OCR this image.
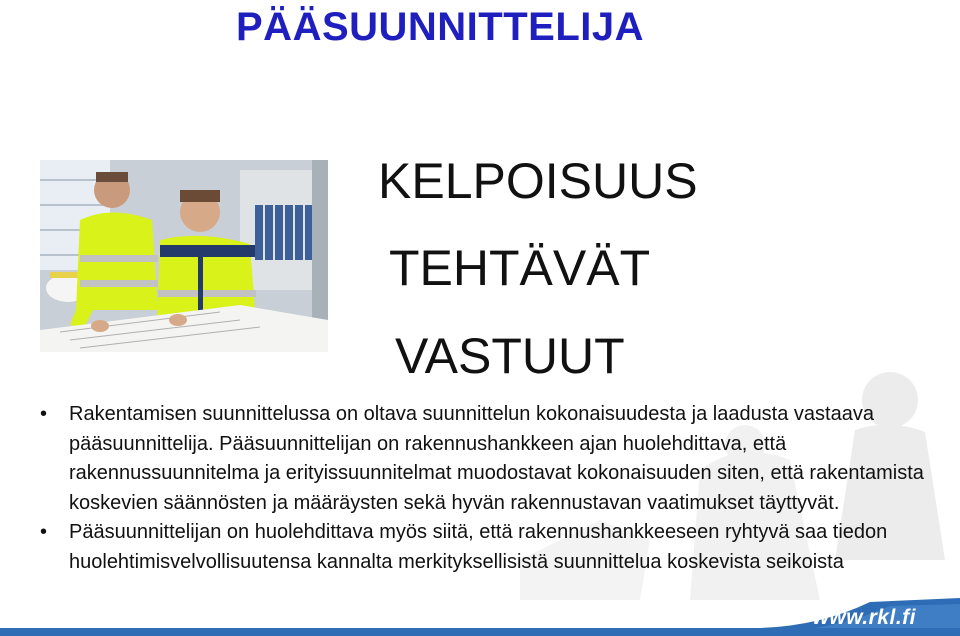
PÄÄSUUNNITTELIJA

KELPOISUUS

TEHTÄVÄT

VASTUUT

• Rakentamisen suunnittelussa on oltava suunnittelun kokonaisuudesta ja laadusta vastaava pääsuunnittelija. Pääsuunnittelijan on rakennushankkeen ajan huolehdittava, että rakennussuunnitelma ja erityissuunnitelmat muodostavat kokonaisuuden siten, että rakentamista koskevien säännösten ja määräysten sekä hyvän rakennustavan vaatimukset täyttyvät.
• Pääsuunnittelijan on huolehdittava myös siitä, että rakennushankkeeseen ryhtyvä saa tiedon huolehtimisvelvollisuutensa kannalta merkityksellisistä suunnittelua koskevista seikoista
www.rkl.fi
